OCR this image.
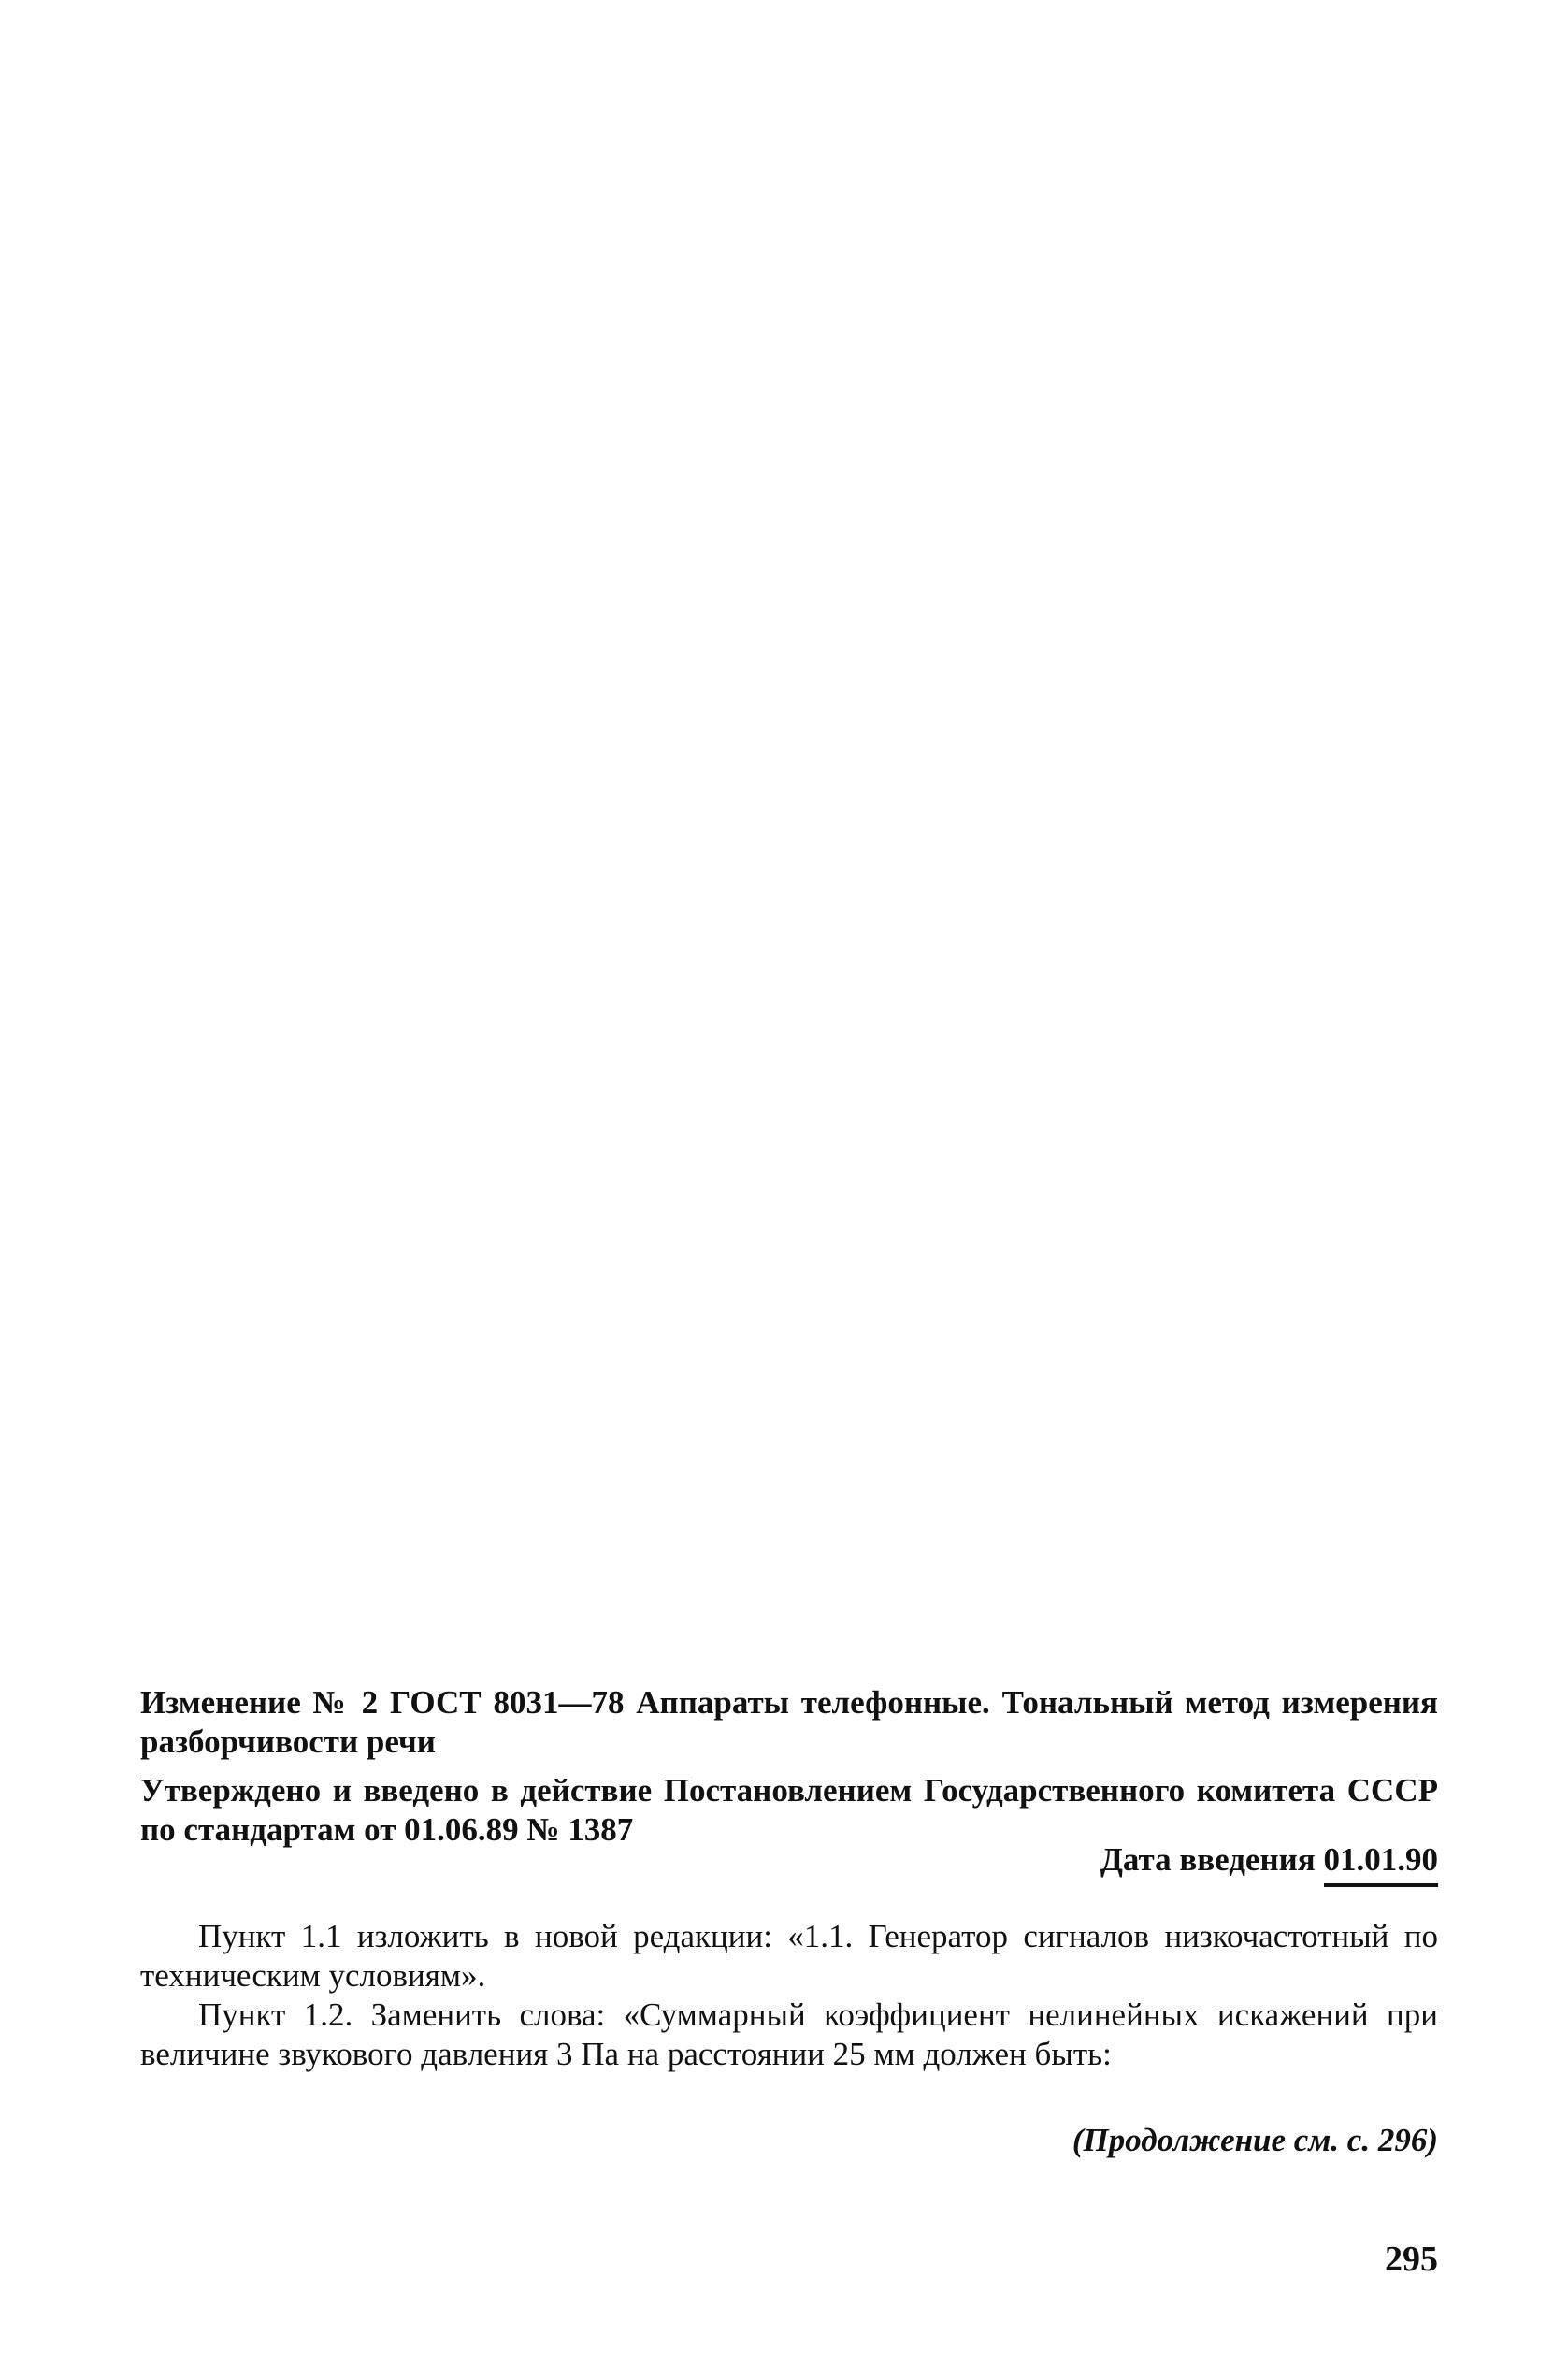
Изменение № 2 ГОСТ 8031—78 Аппараты телефонные. Тональный метод измерения разборчивости речи
Утверждено и введено в действие Постановлением Государственного комитета СССР по стандартам от 01.06.89 № 1387
Дата введения 01.01.90

Пункт 1.1 изложить в новой редакции: «1.1. Генератор сигналов низкочастотный по техническим условиям».

Пункт 1.2. Заменить слова: «Суммарный коэффициент нелинейных искажений при величине звукового давления 3 Па на расстоянии 25 мм должен быть:

(Продолжение см. с. 296)
295
